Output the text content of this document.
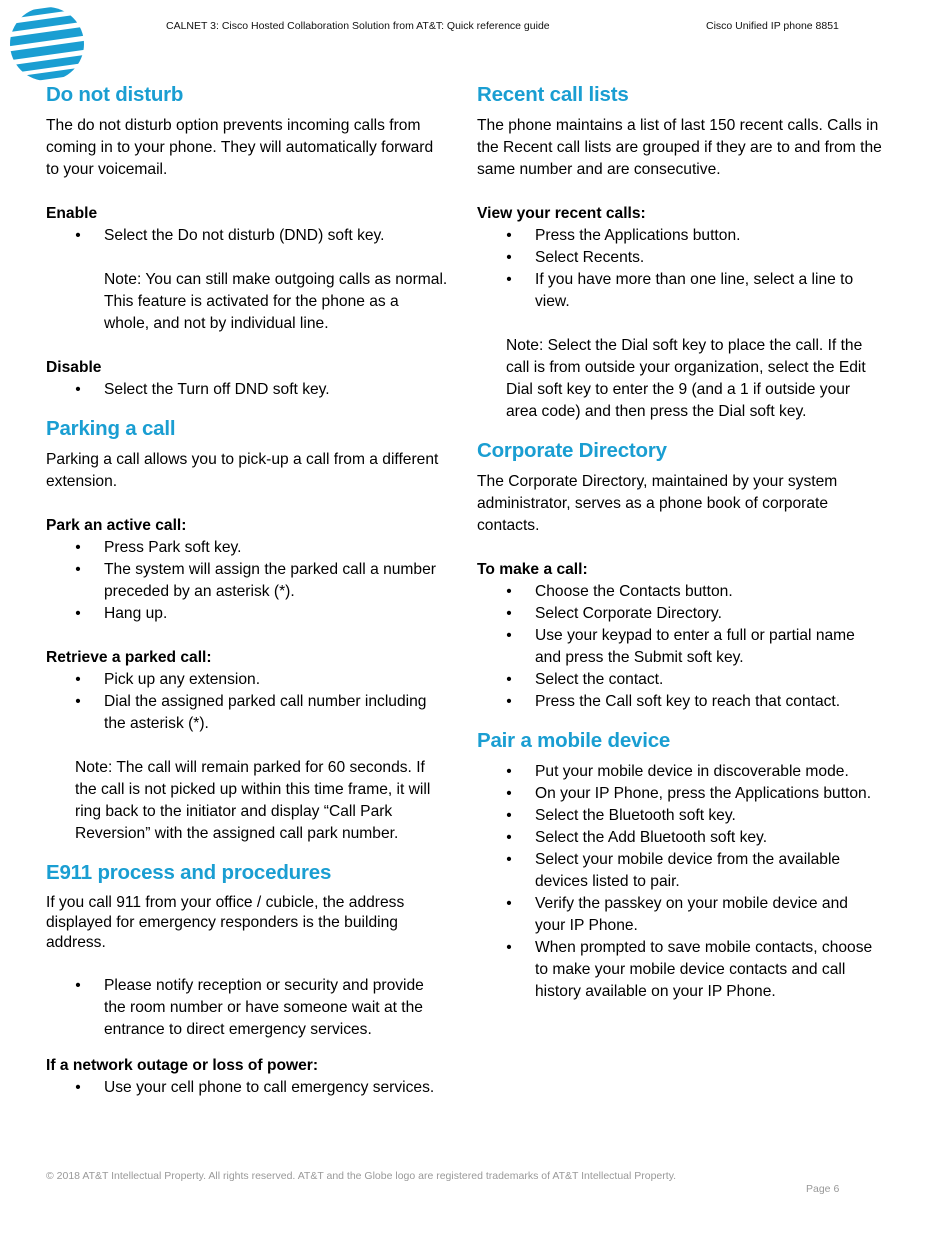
CALNET 3: Cisco Hosted Collaboration Solution from AT&T: Quick reference guide	Cisco Unified IP phone 8851
Do not disturb

The do not disturb option prevents incoming calls from coming in to your phone. They will automatically forward to your voicemail.

Enable

• Select the Do not disturb (DND) soft key.
Note: You can still make outgoing calls as normal. This feature is activated for the phone as a whole, and not by individual line.

Disable

• Select the Turn off DND soft key.
Parking a call

Parking a call allows you to pick-up a call from a different extension.

Park an active call:

• Press Park soft key.
• The system will assign the parked call a number preceded by an asterisk (*).
• Hang up.

Retrieve a parked call:

• Pick up any extension.
• Dial the assigned parked call number including the asterisk (*).
Note: The call will remain parked for 60 seconds. If the call is not picked up within this time frame, it will ring back to the initiator and display “Call Park Reversion” with the assigned call park number.
E911 process and procedures

If you call 911 from your office / cubicle, the address displayed for emergency responders is the building address.

• Please notify reception or security and provide the room number or have someone wait at the entrance to direct emergency services.

If a network outage or loss of power:

• Use your cell phone to call emergency services.
Recent call lists

The phone maintains a list of last 150 recent calls. Calls in the Recent call lists are grouped if they are to and from the same number and are consecutive.

View your recent calls:

• Press the Applications button.
• Select Recents.
• If you have more than one line, select a line to view.
Note: Select the Dial soft key to place the call. If the call is from outside your organization, select the Edit Dial soft key to enter the 9 (and a 1 if outside your area code) and then press the Dial soft key.
Corporate Directory

The Corporate Directory, maintained by your system administrator, serves as a phone book of corporate contacts.

To make a call:

• Choose the Contacts button.
• Select Corporate Directory.
• Use your keypad to enter a full or partial name and press the Submit soft key.
• Select the contact.
• Press the Call soft key to reach that contact.
Pair a mobile device
• Put your mobile device in discoverable mode.
• On your IP Phone, press the Applications button.
• Select the Bluetooth soft key.
• Select the Add Bluetooth soft key.
• Select your mobile device from the available devices listed to pair.
• Verify the passkey on your mobile device and your IP Phone.
• When prompted to save mobile contacts, choose to make your mobile device contacts and call history available on your IP Phone.
© 2018 AT&T Intellectual Property. All rights reserved. AT&T and the Globe logo are registered trademarks of AT&T Intellectual Property.
Page 6
